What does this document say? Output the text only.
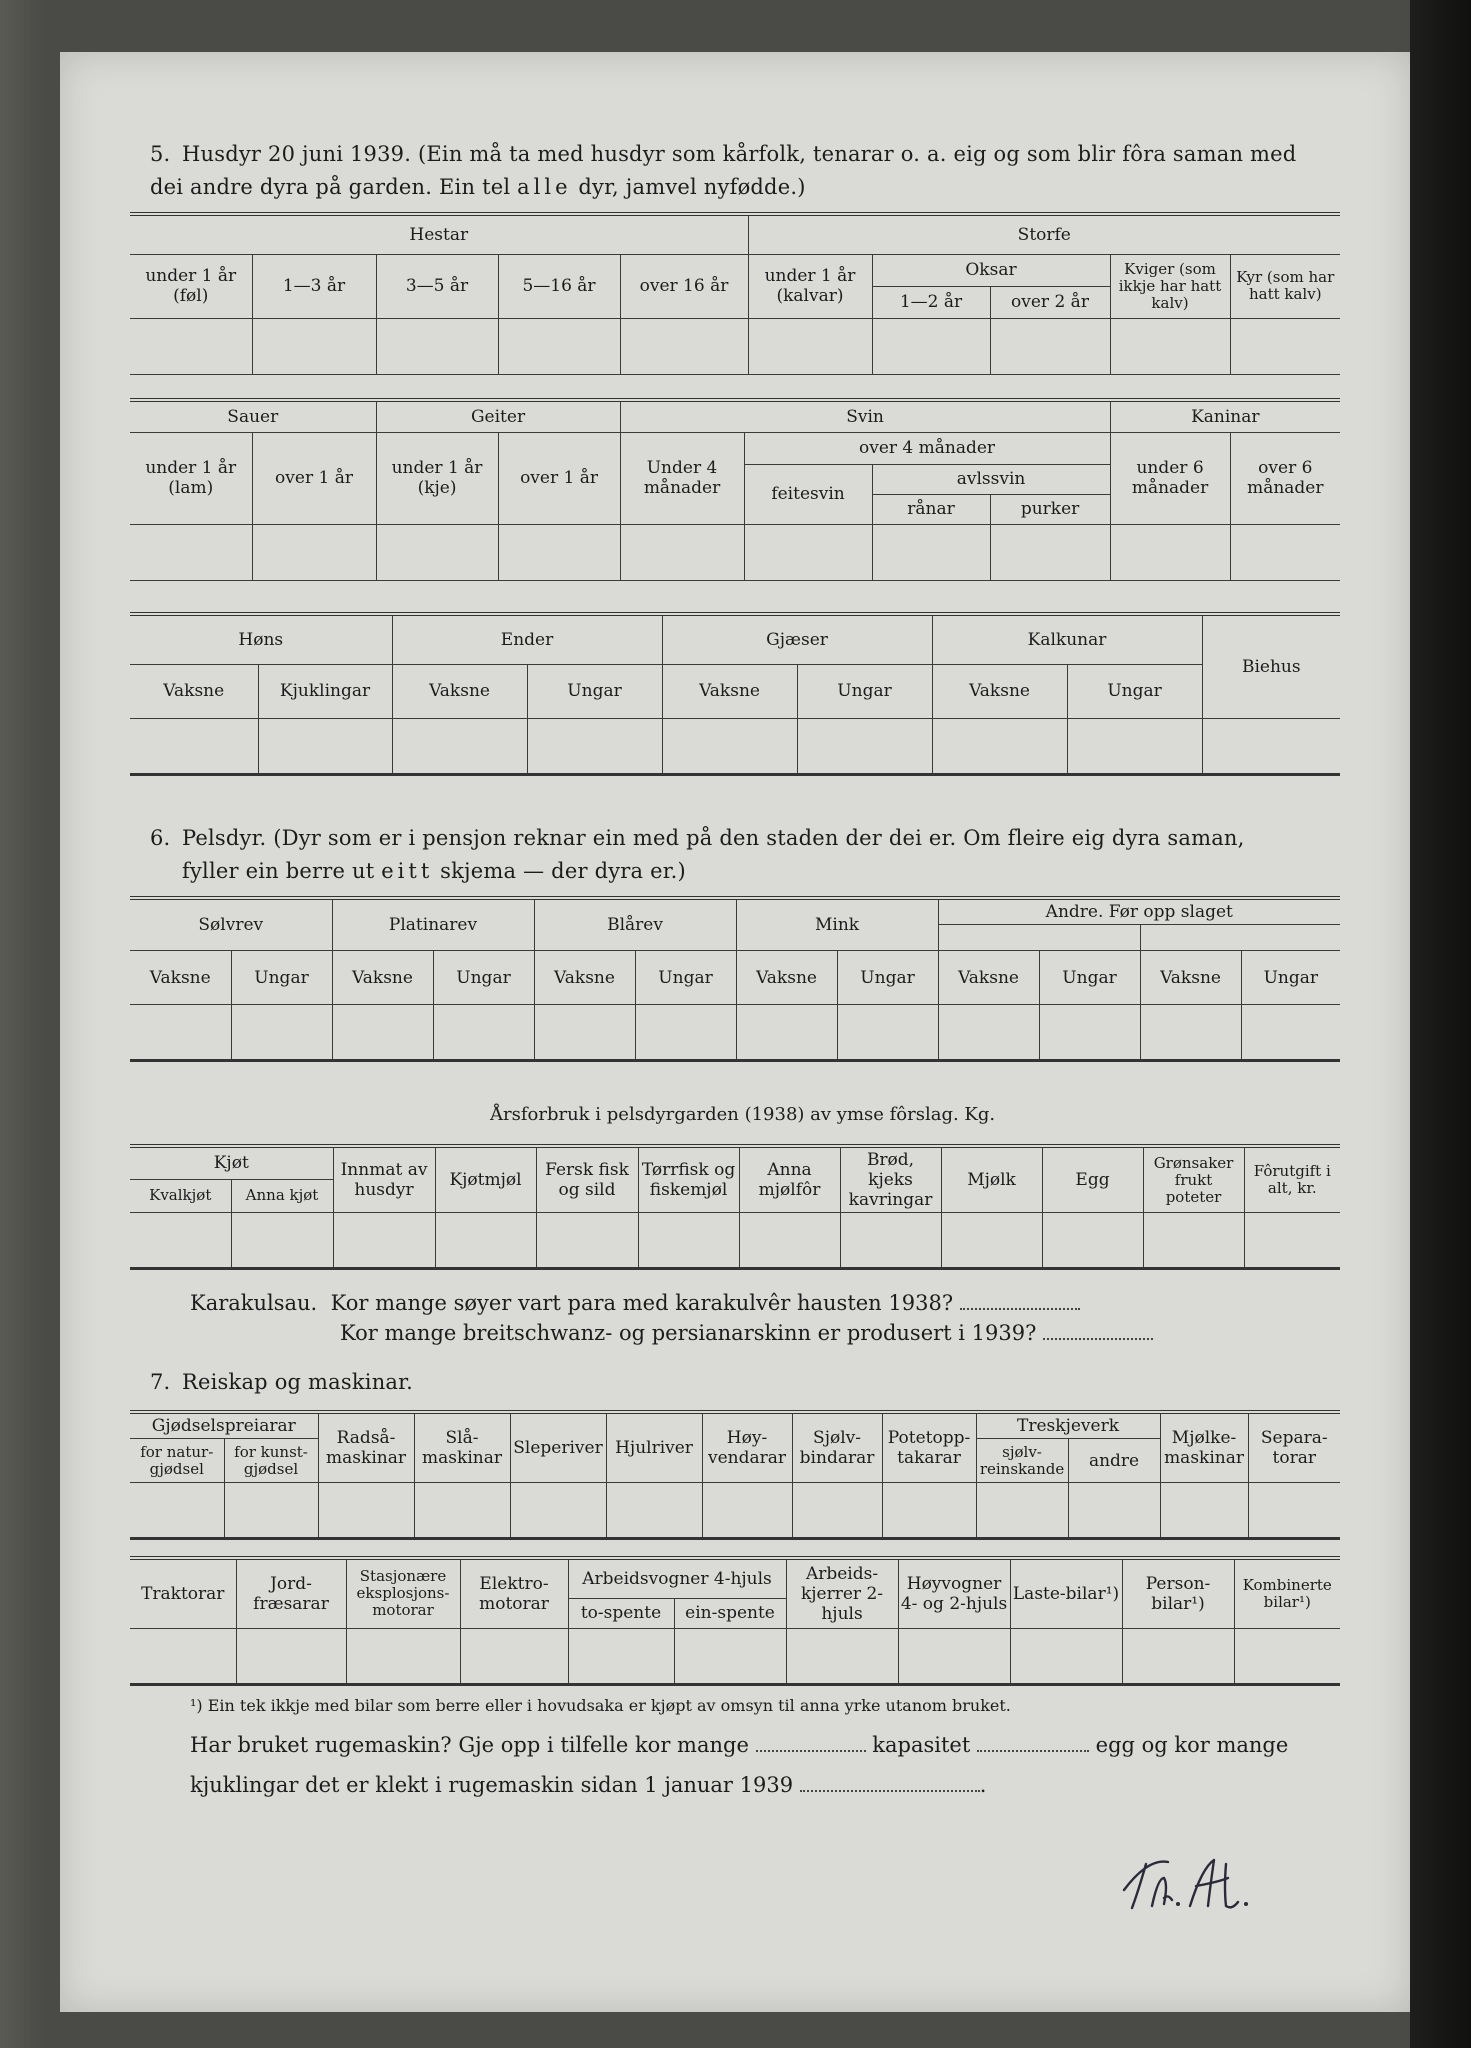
5. Husdyr 20 juni 1939. (Ein må ta med husdyr som kårfolk, tenarar o. a. eig og som blir fôra saman med
dei andre dyra på garden. Ein tel alle dyr, jamvel nyfødde.)
Hestar					Storfe				
under 1 år (føl)	1—3 år	3—5 år	5—16 år	over 16 år	under 1 år (kalvar)	Oksar		Kviger (som ikkje har hatt kalv)	Kyr (som har hatt kalv)
						1—2 år	over 2 år		

Sauer		Geiter		Svin				Kaninar	
under 1 år (lam)	over 1 år	under 1 år (kje)	over 1 år	Under 4 månader	over 4 månader			under 6 månader	over 6 månader
					feitesvin	avlssvin			
						rånar	purker		

Høns		Ender		Gjæser		Kalkunar		Biehus
Vaksne	Kjuklingar	Vaksne	Ungar	Vaksne	Ungar	Vaksne	Ungar	

6. Pelsdyr. (Dyr som er i pensjon reknar ein med på den staden der dei er. Om fleire eig dyra saman,
fyller ein berre ut eitt skjema — der dyra er.)
Sølvrev		Platinarev		Blårev		Mink		Andre. Før opp slaget			

Vaksne	Ungar	Vaksne	Ungar	Vaksne	Ungar	Vaksne	Ungar	Vaksne	Ungar	Vaksne	Ungar

Årsforbruk i pelsdyrgarden (1938) av ymse fôrslag. Kg.
Kjøt		Innmat av husdyr	Kjøtmjøl	Fersk fisk og sild	Tørrfisk og fiskemjøl	Anna mjølfôr	Brød, kjeks kavringar	Mjølk	Egg	Grønsaker frukt poteter	Fôrutgift i alt, kr.
Kvalkjøt	Anna kjøt										

Karakulsau. Kor mange søyer vart para med karakulvêr hausten 1938?
Kor mange breitschwanz- og persianarskinn er produsert i 1939?
7. Reiskap og maskinar.
Gjødselspreiarar		Radså-maskinar	Slå-maskinar	Sleperiver	Hjulriver	Høy-vendarar	Sjølv-bindarar	Potetopp-takarar	Treskjeverk		Mjølke-maskinar	Separa-torar
for natur-gjødsel	for kunst-gjødsel								sjølv-reinskande	andre		

Traktorar	Jord-fræsarar	Stasjonære eksplosjons-motorar	Elektro-motorar	Arbeidsvogner 4-hjuls		Arbeids-kjerrer 2-hjuls	Høyvogner 4- og 2-hjuls	Laste-bilar¹)	Person-bilar¹)	Kombinerte bilar¹)
				to-spente	ein-spente					

¹) Ein tek ikkje med bilar som berre eller i hovudsaka er kjøpt av omsyn til anna yrke utanom bruket.
Har bruket rugemaskin? Gje opp i tilfelle kor mange	kapasitet	egg og kor mange
kjuklingar det er klekt i rugemaskin sidan 1 januar 1939	.
